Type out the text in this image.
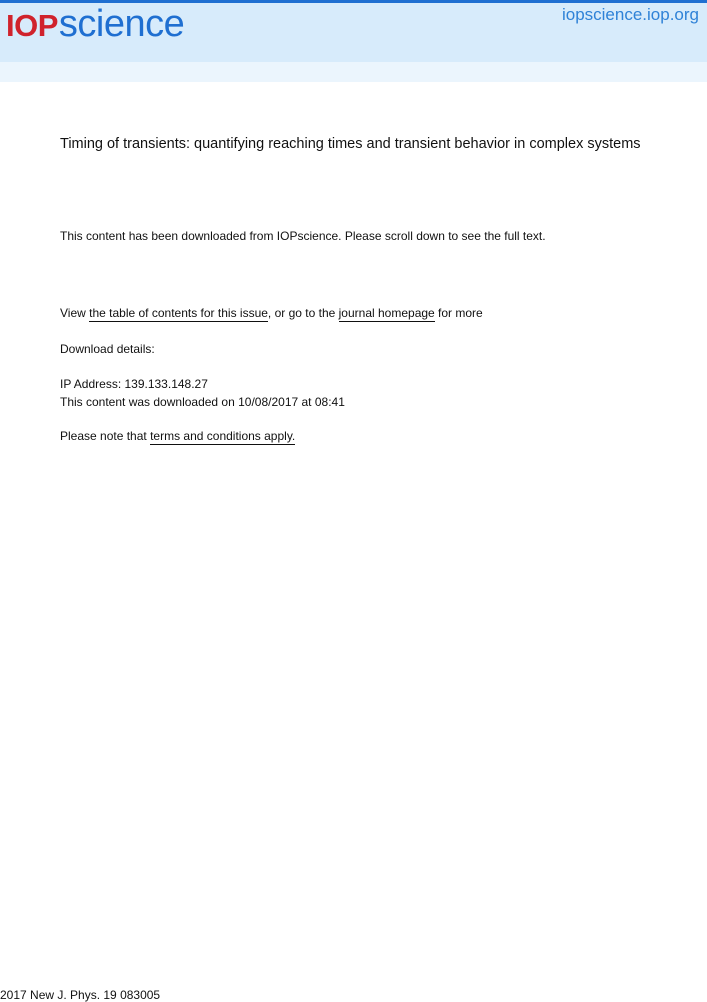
IOP science	iopscience.iop.org
Timing of transients: quantifying reaching times and transient behavior in complex systems
This content has been downloaded from IOPscience. Please scroll down to see the full text.
View the table of contents for this issue, or go to the journal homepage for more
Download details:
IP Address: 139.133.148.27
This content was downloaded on 10/08/2017 at 08:41
Please note that terms and conditions apply.
2017 New J. Phys. 19 083005
